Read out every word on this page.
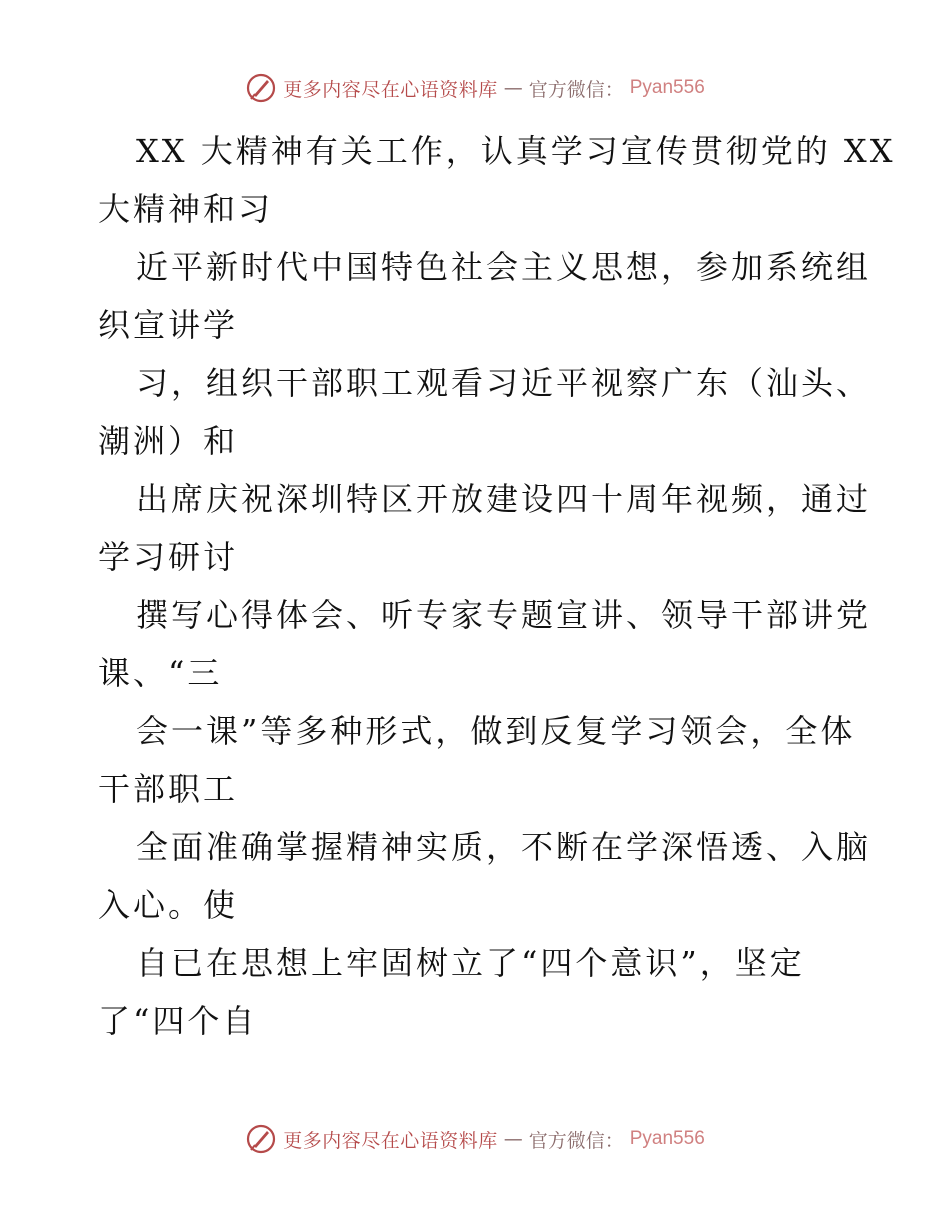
更多内容尽在心语资料库 — 官方微信： Pyan556
XX 大精神有关工作，认真学习宣传贯彻党的 XX
大精神和习
近平新时代中国特色社会主义思想，参加系统组
织宣讲学
习，组织干部职工观看习近平视察广东（汕头、
潮洲）和
出席庆祝深圳特区开放建设四十周年视频，通过
学习研讨
撰写心得体会、听专家专题宣讲、领导干部讲党
课、“三
会一课”等多种形式，做到反复学习领会，全体
干部职工
全面准确掌握精神实质，不断在学深悟透、入脑
入心。使
自已在思想上牢固树立了“四个意识”，坚定
了“四个自
更多内容尽在心语资料库 — 官方微信： Pyan556
